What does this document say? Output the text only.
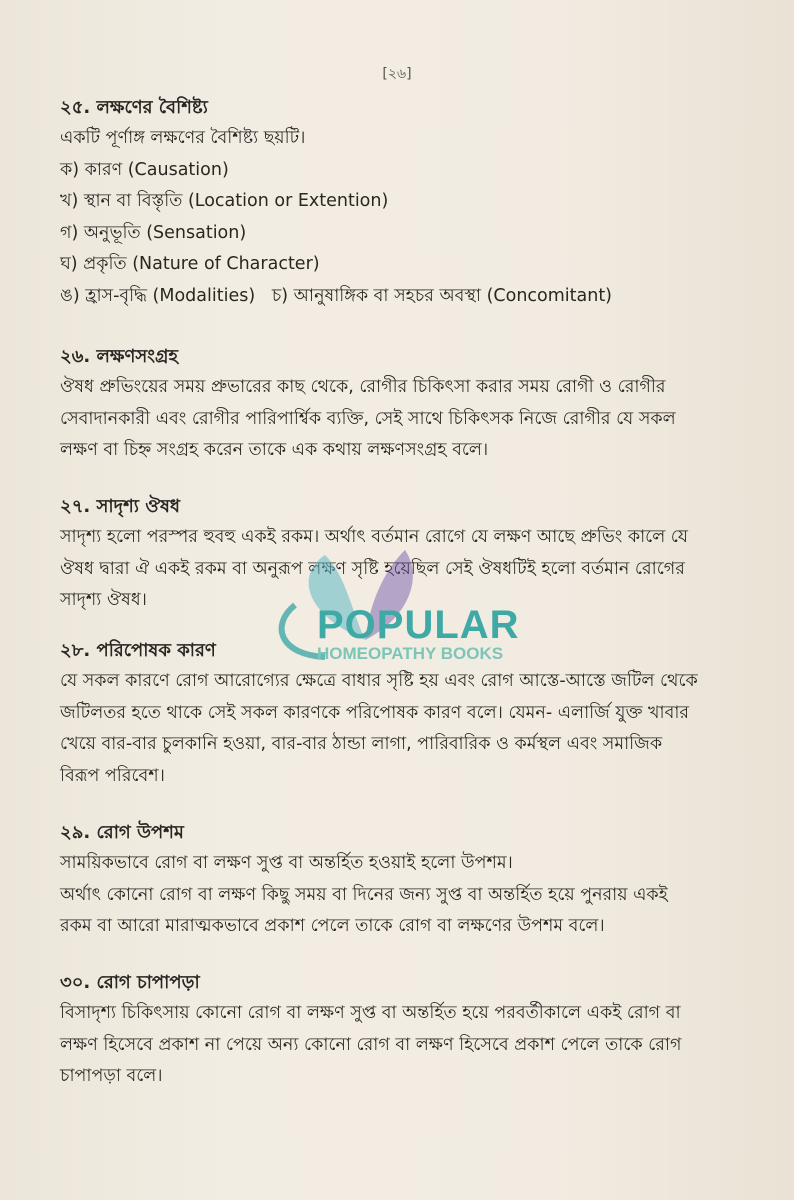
[২৬]
২৫. লক্ষণের বৈশিষ্ট্য
একটি পূর্ণাঙ্গ লক্ষণের বৈশিষ্ট্য ছয়টি।
ক) কারণ (Causation)
খ) স্থান বা বিস্তৃতি (Location or Extention)
গ) অনুভূতি (Sensation)
ঘ) প্রকৃতি (Nature of Character)
ঙ) হ্রাস-বৃদ্ধি (Modalities)   চ) আনুষাঙ্গিক বা সহচর অবস্থা (Concomitant)
২৬. লক্ষণসংগ্রহ
ঔষধ প্রুভিংয়ের সময় প্রুভারের কাছ থেকে, রোগীর চিকিৎসা করার সময় রোগী ও রোগীর
সেবাদানকারী এবং রোগীর পারিপার্শ্বিক ব্যক্তি, সেই সাথে চিকিৎসক নিজে রোগীর যে সকল
লক্ষণ বা চিহ্ন সংগ্রহ করেন তাকে এক কথায় লক্ষণসংগ্রহ বলে।
২৭. সাদৃশ্য ঔষধ
সাদৃশ্য হলো পরস্পর হুবহু একই রকম। অর্থাৎ বর্তমান রোগে যে লক্ষণ আছে প্রুভিং কালে যে
ঔষধ দ্বারা ঐ একই রকম বা অনুরূপ লক্ষণ সৃষ্টি হয়েছিল সেই ঔষধটিই হলো বর্তমান রোগের
সাদৃশ্য ঔষধ।
POPULAR
HOMEOPATHY BOOKS
২৮. পরিপোষক কারণ
যে সকল কারণে রোগ আরোগ্যের ক্ষেত্রে বাধার সৃষ্টি হয় এবং রোগ আস্তে-আস্তে জটিল থেকে
জটিলতর হতে থাকে সেই সকল কারণকে পরিপোষক কারণ বলে। যেমন- এলার্জি যুক্ত খাবার
খেয়ে বার-বার চুলকানি হওয়া, বার-বার ঠান্ডা লাগা, পারিবারিক ও কর্মস্থল এবং সমাজিক
বিরূপ পরিবেশ।
২৯. রোগ উপশম
সাময়িকভাবে রোগ বা লক্ষণ সুপ্ত বা অন্তর্হিত হওয়াই হলো উপশম।
অর্থাৎ কোনো রোগ বা লক্ষণ কিছু সময় বা দিনের জন্য সুপ্ত বা অন্তর্হিত হয়ে পুনরায় একই
রকম বা আরো মারাত্মকভাবে প্রকাশ পেলে তাকে রোগ বা লক্ষণের উপশম বলে।
৩০. রোগ চাপাপড়া
বিসাদৃশ্য চিকিৎসায় কোনো রোগ বা লক্ষণ সুপ্ত বা অন্তর্হিত হয়ে পরবর্তীকালে একই রোগ বা
লক্ষণ হিসেবে প্রকাশ না পেয়ে অন্য কোনো রোগ বা লক্ষণ হিসেবে প্রকাশ পেলে তাকে রোগ
চাপাপড়া বলে।
